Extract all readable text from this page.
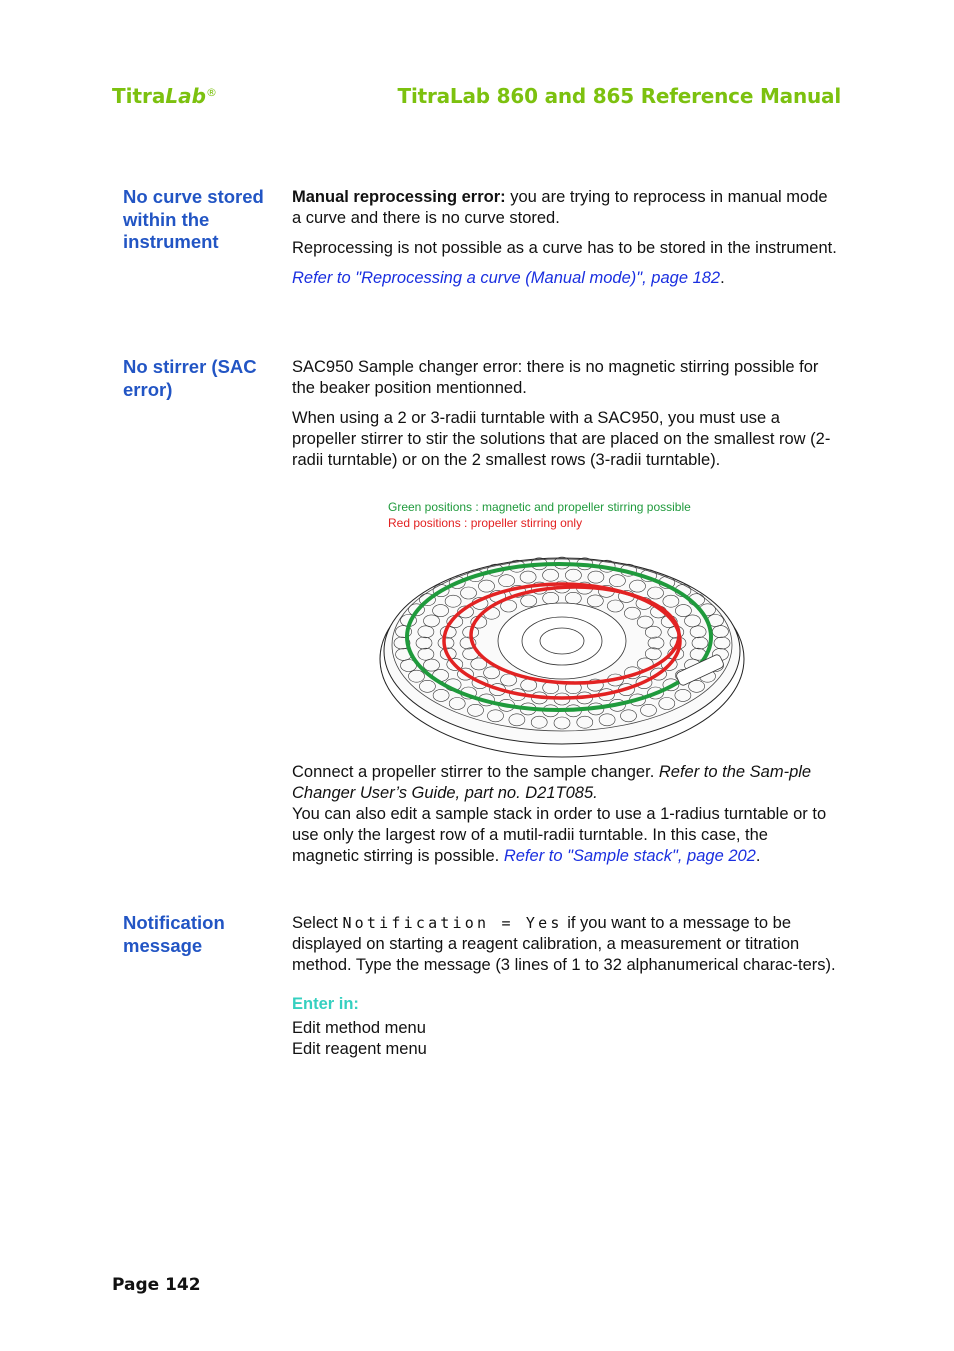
TitraLab®	TitraLab 860 and 865 Reference Manual
No curve stored within the instrument

Manual reprocessing error: you are trying to reprocess in manual mode a curve and there is no curve stored.

Reprocessing is not possible as a curve has to be stored in the instrument.

Refer to "Reprocessing a curve (Manual mode)", page 182.

No stirrer (SAC error)

SAC950 Sample changer error: there is no magnetic stirring possible for the beaker position mentionned.

When using a 2 or 3-radii turntable with a SAC950, you must use a propeller stirrer to stir the solutions that are placed on the smallest row (2-radii turntable) or on the 2 smallest rows (3-radii turntable).

Green positions : magnetic and propeller stirring possible
Red positions : propeller stirring only
Connect a propeller stirrer to the sample changer. Refer to the Sam-ple Changer User’s Guide, part no. D21T085.
You can also edit a sample stack in order to use a 1-radius turntable or to use only the largest row of a mutil-radii turntable. In this case, the magnetic stirring is possible. Refer to "Sample stack", page 202.
Notification message

Select Notification = Yes if you want to a message to be displayed on starting a reagent calibration, a measurement or titration method. Type the message (3 lines of 1 to 32 alphanumerical charac-ters).

Enter in:
Edit method menu
Edit reagent menu
Page 142
